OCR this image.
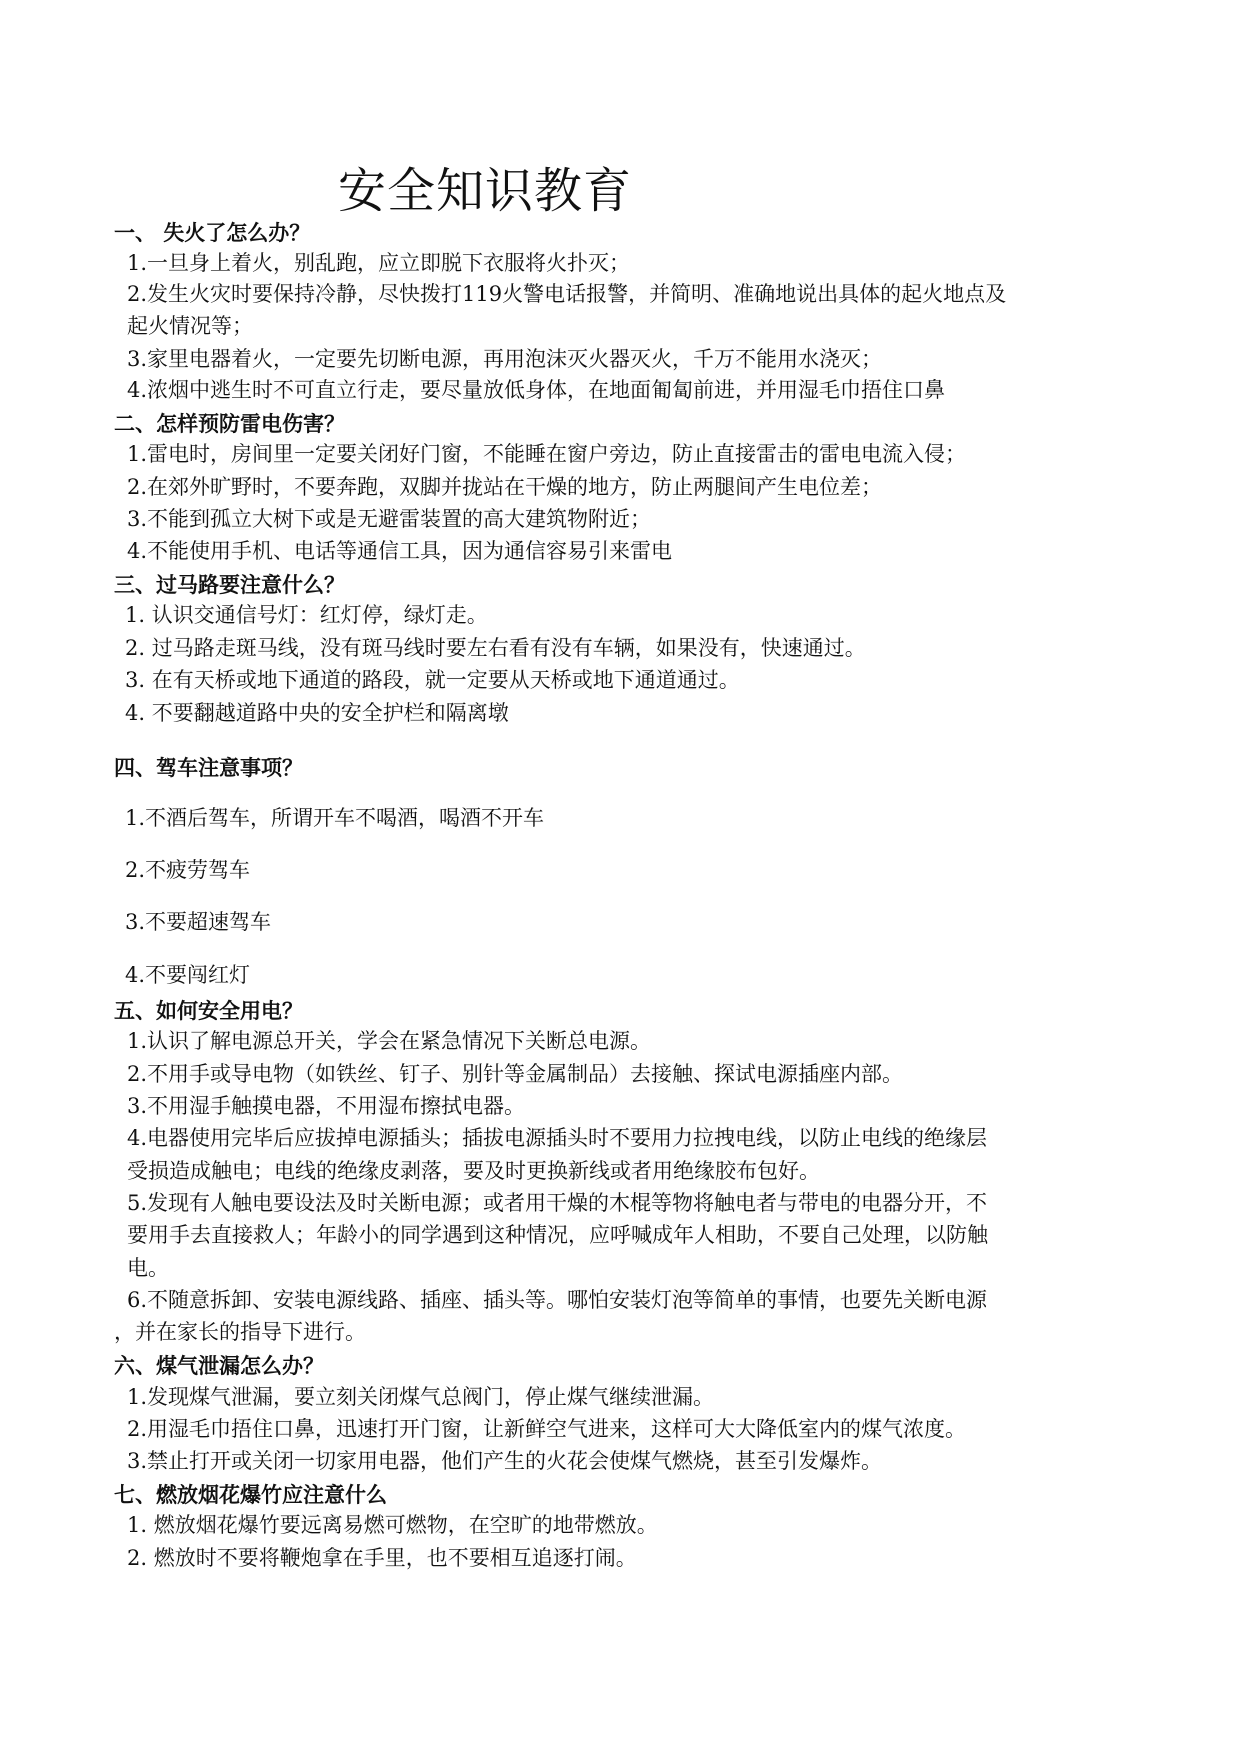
安全知识教育
一、 失火了怎么办？
1.一旦身上着火，别乱跑，应立即脱下衣服将火扑灭；
2.发生火灾时要保持冷静，尽快拨打119火警电话报警，并简明、准确地说出具体的起火地点及
起火情况等；
3.家里电器着火，一定要先切断电源，再用泡沫灭火器灭火，千万不能用水浇灭；
4.浓烟中逃生时不可直立行走，要尽量放低身体，在地面匍匐前进，并用湿毛巾捂住口鼻
二、怎样预防雷电伤害？
1.雷电时，房间里一定要关闭好门窗，不能睡在窗户旁边，防止直接雷击的雷电电流入侵；
2.在郊外旷野时，不要奔跑，双脚并拢站在干燥的地方，防止两腿间产生电位差；
3.不能到孤立大树下或是无避雷装置的高大建筑物附近；
4.不能使用手机、电话等通信工具，因为通信容易引来雷电
三、过马路要注意什么？
1. 认识交通信号灯：红灯停，绿灯走。
2. 过马路走斑马线，没有斑马线时要左右看有没有车辆，如果没有，快速通过。
3. 在有天桥或地下通道的路段，就一定要从天桥或地下通道通过。
4. 不要翻越道路中央的安全护栏和隔离墩
四、驾车注意事项？
1.不酒后驾车，所谓开车不喝酒，喝酒不开车
2.不疲劳驾车
3.不要超速驾车
4.不要闯红灯
五、如何安全用电？
1.认识了解电源总开关，学会在紧急情况下关断总电源。
2.不用手或导电物（如铁丝、钉子、别针等金属制品）去接触、探试电源插座内部。
3.不用湿手触摸电器，不用湿布擦拭电器。
4.电器使用完毕后应拔掉电源插头；插拔电源插头时不要用力拉拽电线，以防止电线的绝缘层
受损造成触电；电线的绝缘皮剥落，要及时更换新线或者用绝缘胶布包好。
5.发现有人触电要设法及时关断电源；或者用干燥的木棍等物将触电者与带电的电器分开，不
要用手去直接救人；年龄小的同学遇到这种情况，应呼喊成年人相助，不要自己处理，以防触
电。
6.不随意拆卸、安装电源线路、插座、插头等。哪怕安装灯泡等简单的事情，也要先关断电源
，并在家长的指导下进行。
六、煤气泄漏怎么办？
1.发现煤气泄漏，要立刻关闭煤气总阀门，停止煤气继续泄漏。
2.用湿毛巾捂住口鼻，迅速打开门窗，让新鲜空气进来，这样可大大降低室内的煤气浓度。
3.禁止打开或关闭一切家用电器，他们产生的火花会使煤气燃烧，甚至引发爆炸。
七、燃放烟花爆竹应注意什么
1. 燃放烟花爆竹要远离易燃可燃物，在空旷的地带燃放。
2. 燃放时不要将鞭炮拿在手里，也不要相互追逐打闹。
